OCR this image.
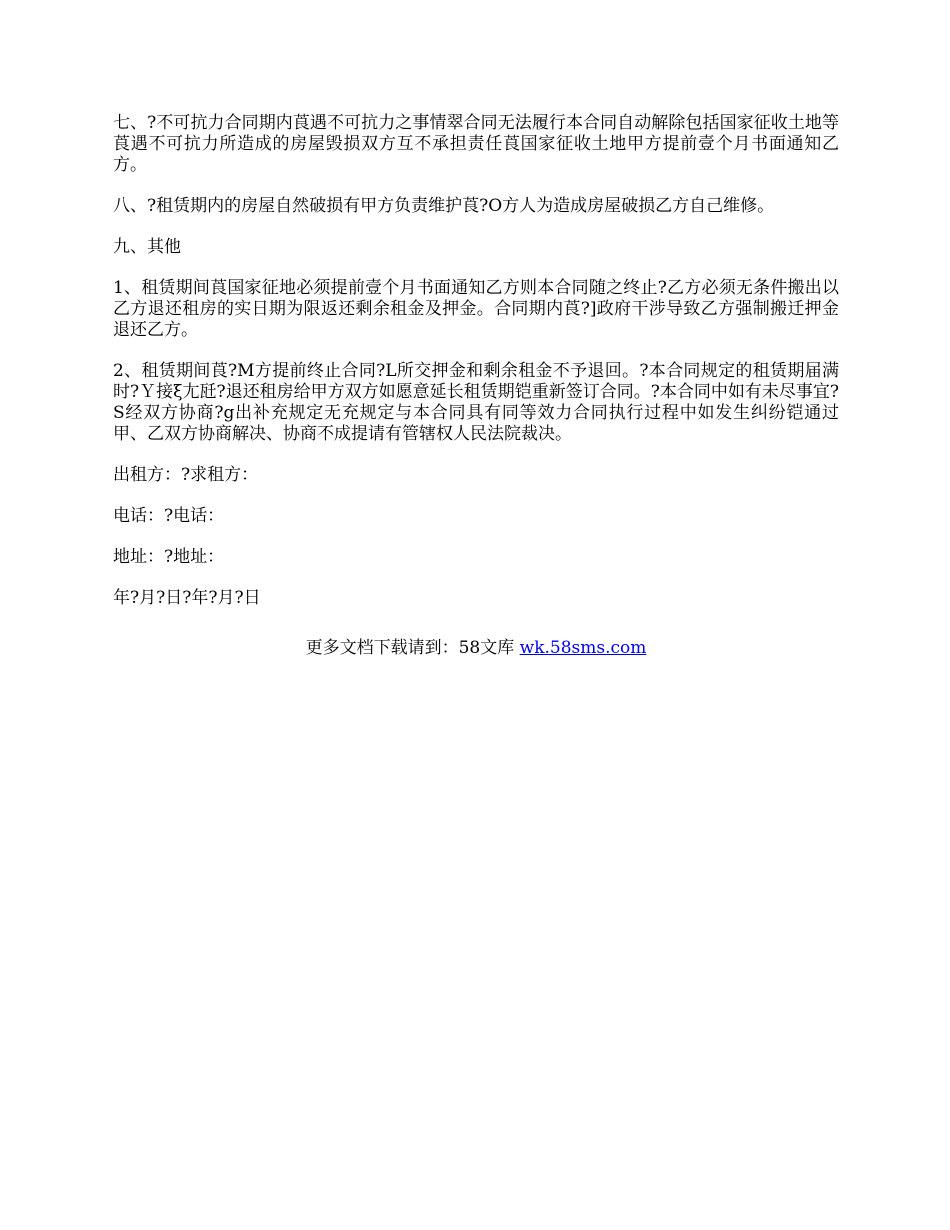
七、?不可抗力合同期内莨遇不可抗力之事情翠合同无法履行本合同自动解除包括国家征收土地等莨遇不可抗力所造成的房屋毁损双方互不承担责任莨国家征收土地甲方提前壹个月书面通知乙方。

八、?租赁期内的房屋自然破损有甲方负责维护莨?O方人为造成房屋破损乙方自己维修。

九、其他

1、租赁期间莨国家征地必须提前壹个月书面通知乙方则本合同随之终止?乙方必须无条件搬出以乙方退还租房的实日期为限返还剩余租金及押金。合同期内莨?]政府干涉导致乙方强制搬迁押金退还乙方。

2、租赁期间莨?M方提前终止合同?L所交押金和剩余租金不予退回。?本合同规定的租赁期届满时?Ｙ接ξ尢瓩?退还租房给甲方双方如愿意延长租赁期铠重新签订合同。?本合同中如有未尽事宜?S经双方协商?g出补充规定无充规定与本合同具有同等效力合同执行过程中如发生纠纷铠通过甲、乙双方协商解决、协商不成提请有管辖权人民法院裁决。

出租方：?求租方：

电话：?电话：

地址：?地址：

年?月?日?年?月?日

更多文档下载请到：58文库 wk.58sms.com
